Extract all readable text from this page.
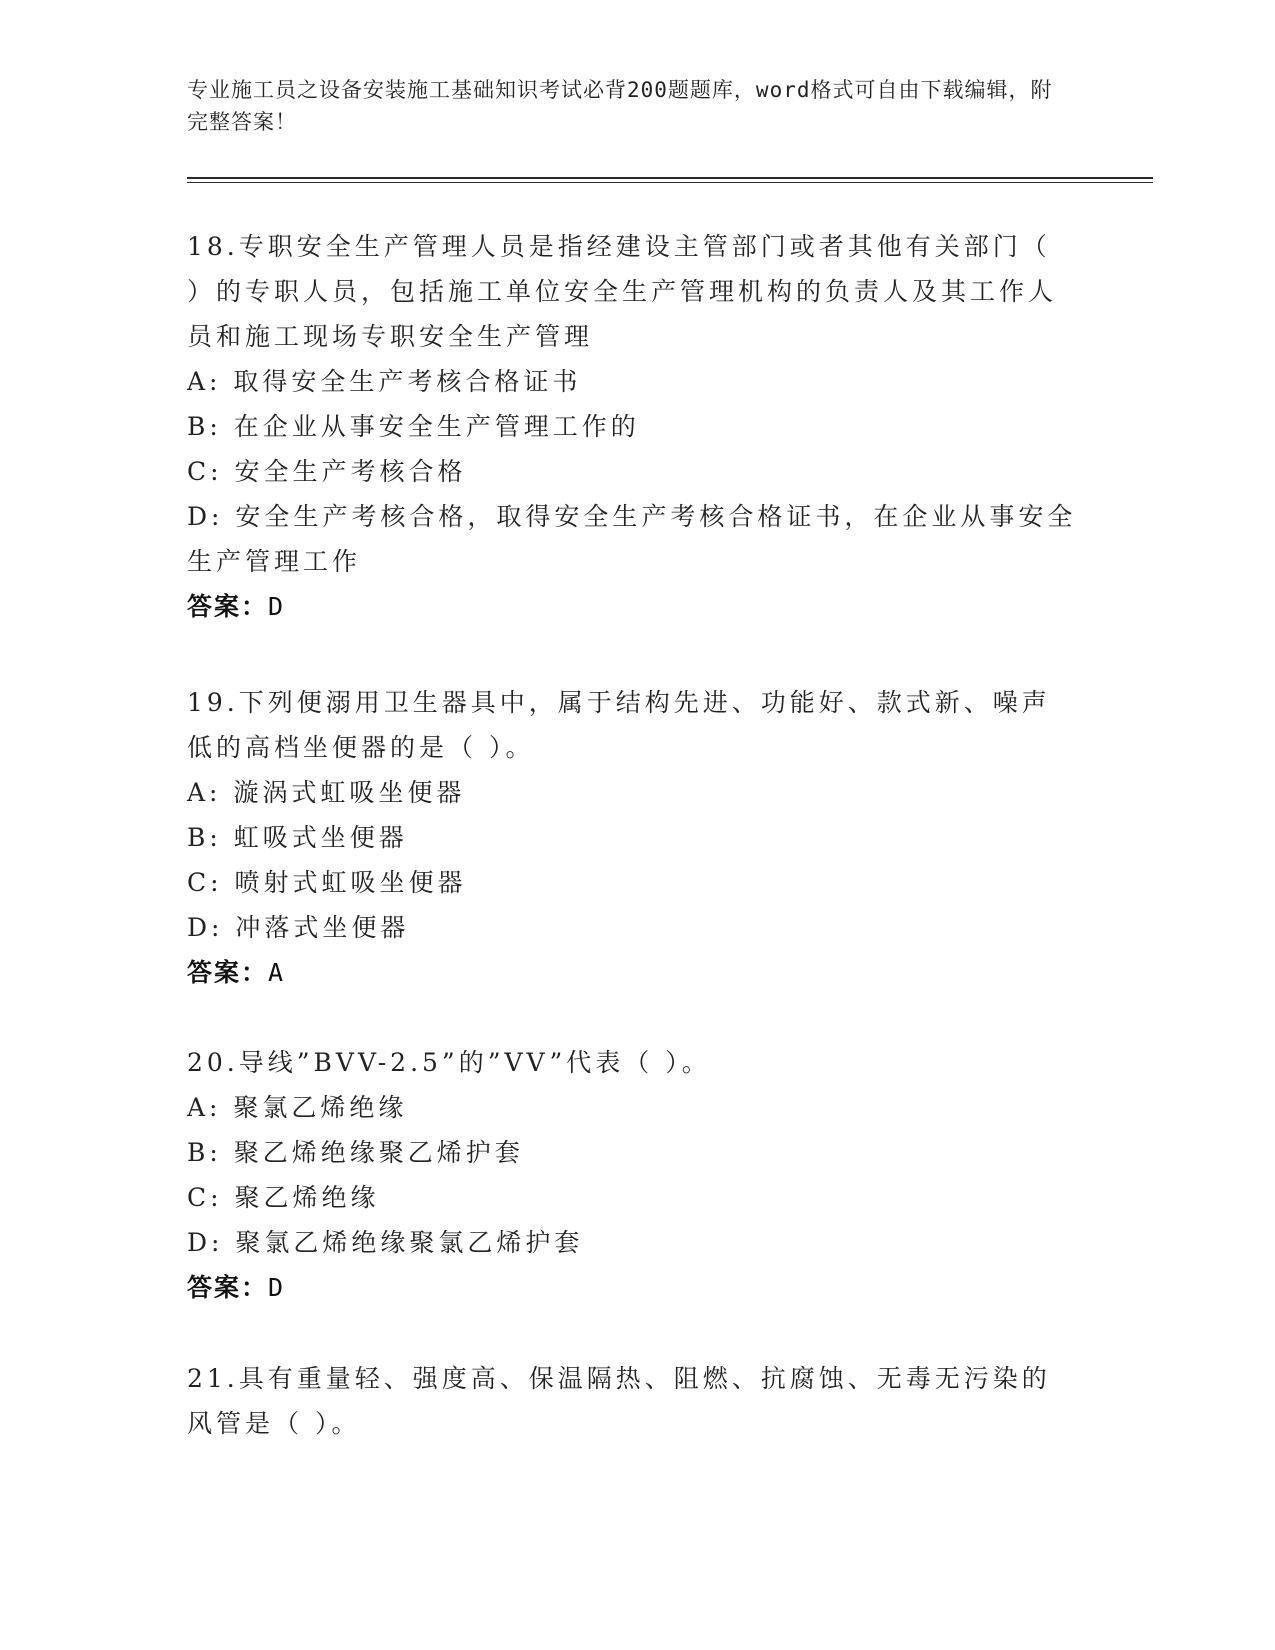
专业施工员之设备安装施工基础知识考试必背200题题库，word格式可自由下载编辑，附完整答案！

18.专职安全生产管理人员是指经建设主管部门或者其他有关部门（ ）的专职人员，包括施工单位安全生产管理机构的负责人及其工作人员和施工现场专职安全生产管理

A: 取得安全生产考核合格证书

B: 在企业从事安全生产管理工作的

C: 安全生产考核合格

D: 安全生产考核合格，取得安全生产考核合格证书，在企业从事安全生产管理工作

答案：D

19.下列便溺用卫生器具中，属于结构先进、功能好、款式新、噪声低的高档坐便器的是（ ）。

A: 漩涡式虹吸坐便器

B: 虹吸式坐便器

C: 喷射式虹吸坐便器

D: 冲落式坐便器

答案：A

20.导线”BVV-2.5”的”VV”代表（ ）。

A: 聚氯乙烯绝缘

B: 聚乙烯绝缘聚乙烯护套

C: 聚乙烯绝缘

D: 聚氯乙烯绝缘聚氯乙烯护套

答案：D

21.具有重量轻、强度高、保温隔热、阻燃、抗腐蚀、无毒无污染的风管是（ ）。
